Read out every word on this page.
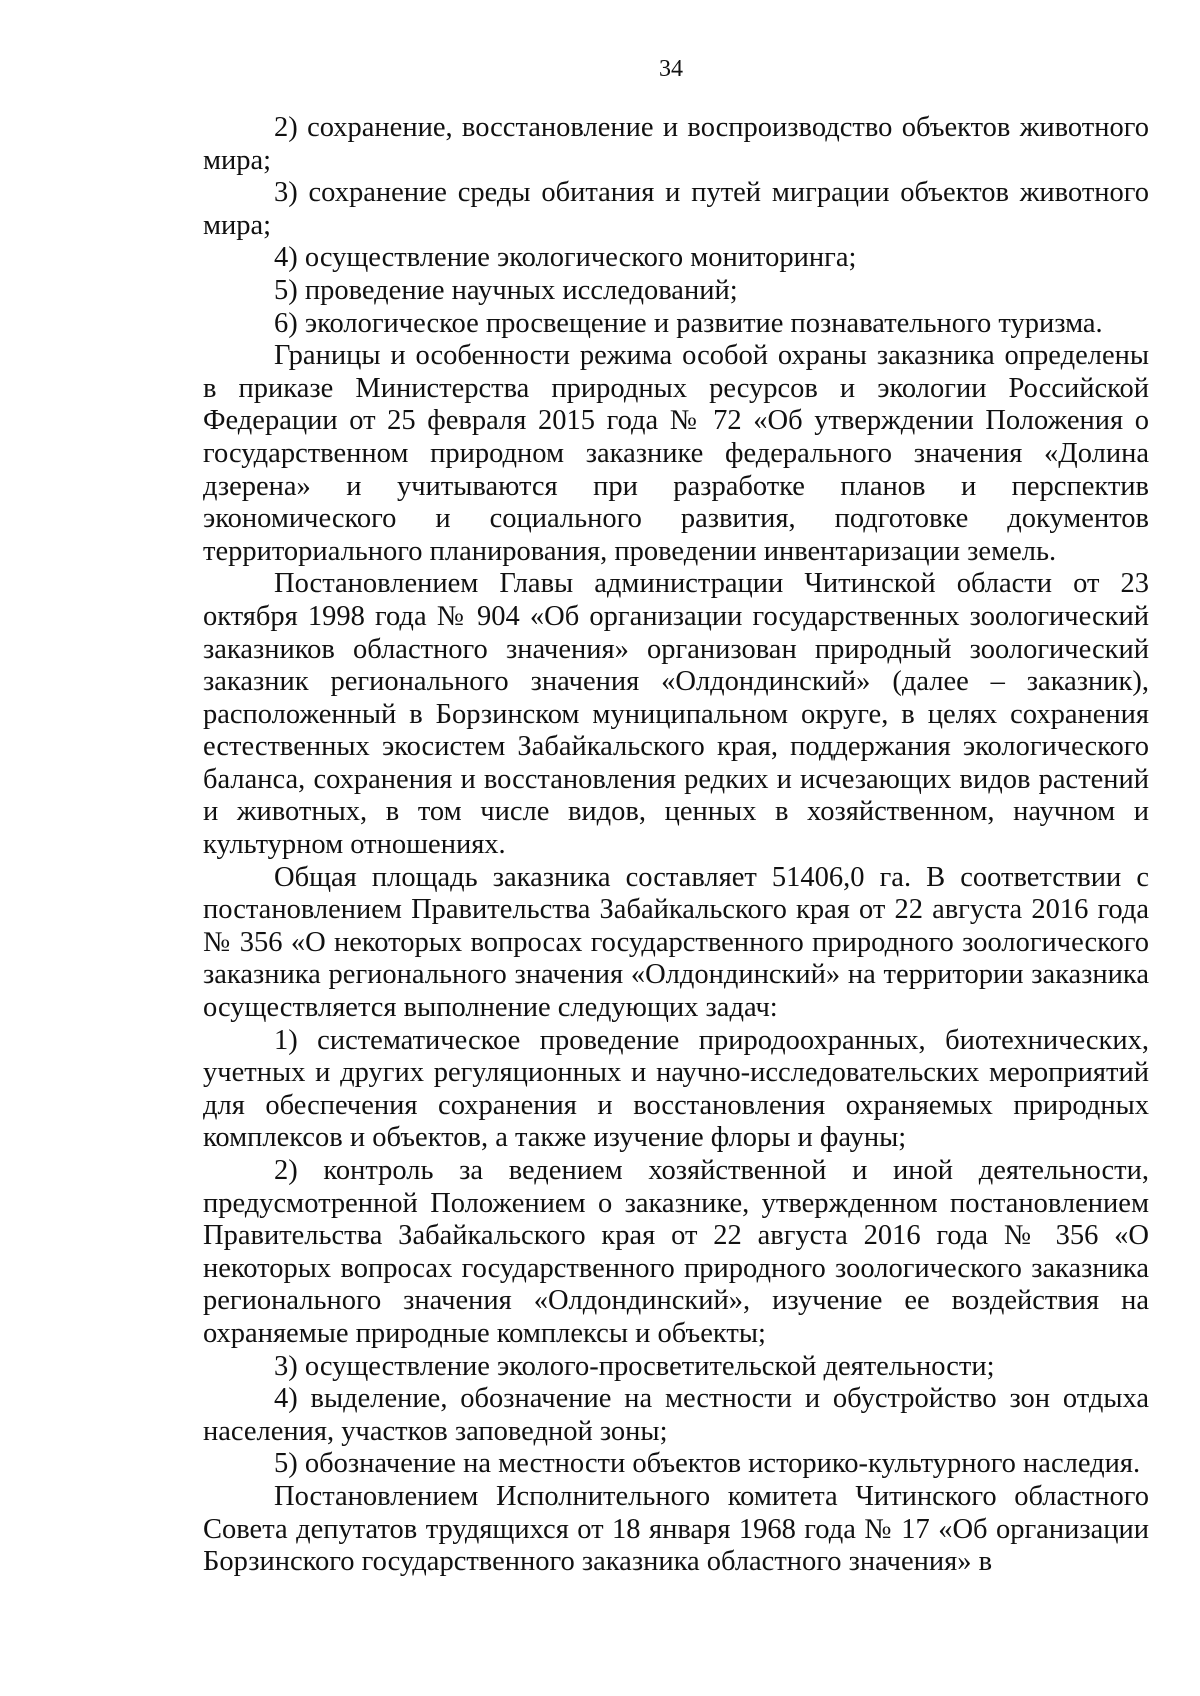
34

2) сохранение, восстановление и воспроизводство объектов животного мира;

3) сохранение среды обитания и путей миграции объектов животного мира;

4) осуществление экологического мониторинга;

5) проведение научных исследований;

6) экологическое просвещение и развитие познавательного туризма.

Границы и особенности режима особой охраны заказника определены в приказе Министерства природных ресурсов и экологии Российской Федерации от 25 февраля 2015 года № 72 «Об утверждении Положения о государственном природном заказнике федерального значения «Долина дзерена» и учитываются при разработке планов и перспектив экономического и социального развития, подготовке документов территориального планирования, проведении инвентаризации земель.

Постановлением Главы администрации Читинской области от 23 октября 1998 года № 904 «Об организации государственных зоологический заказников областного значения» организован природный зоологический заказник регионального значения «Олдондинский» (далее – заказник), расположенный в Борзинском муниципальном округе, в целях сохранения естественных экосистем Забайкальского края, поддержания экологического баланса, сохранения и восстановления редких и исчезающих видов растений и животных, в том числе видов, ценных в хозяйственном, научном и культурном отношениях.

Общая площадь заказника составляет 51406,0 га. В соответствии с постановлением Правительства Забайкальского края от 22 августа 2016 года № 356 «О некоторых вопросах государственного природного зоологического заказника регионального значения «Олдондинский» на территории заказника осуществляется выполнение следующих задач:

1) систематическое проведение природоохранных, биотехнических, учетных и других регуляционных и научно-исследовательских мероприятий для обеспечения сохранения и восстановления охраняемых природных комплексов и объектов, а также изучение флоры и фауны;

2) контроль за ведением хозяйственной и иной деятельности, предусмотренной Положением о заказнике, утвержденном постановлением Правительства Забайкальского края от 22 августа 2016 года № 356 «О некоторых вопросах государственного природного зоологического заказника регионального значения «Олдондинский», изучение ее воздействия на охраняемые природные комплексы и объекты;

3) осуществление эколого-просветительской деятельности;

4) выделение, обозначение на местности и обустройство зон отдыха населения, участков заповедной зоны;

5) обозначение на местности объектов историко-культурного наследия.

Постановлением Исполнительного комитета Читинского областного Совета депутатов трудящихся от 18 января 1968 года № 17 «Об организации Борзинского государственного заказника областного значения» в
